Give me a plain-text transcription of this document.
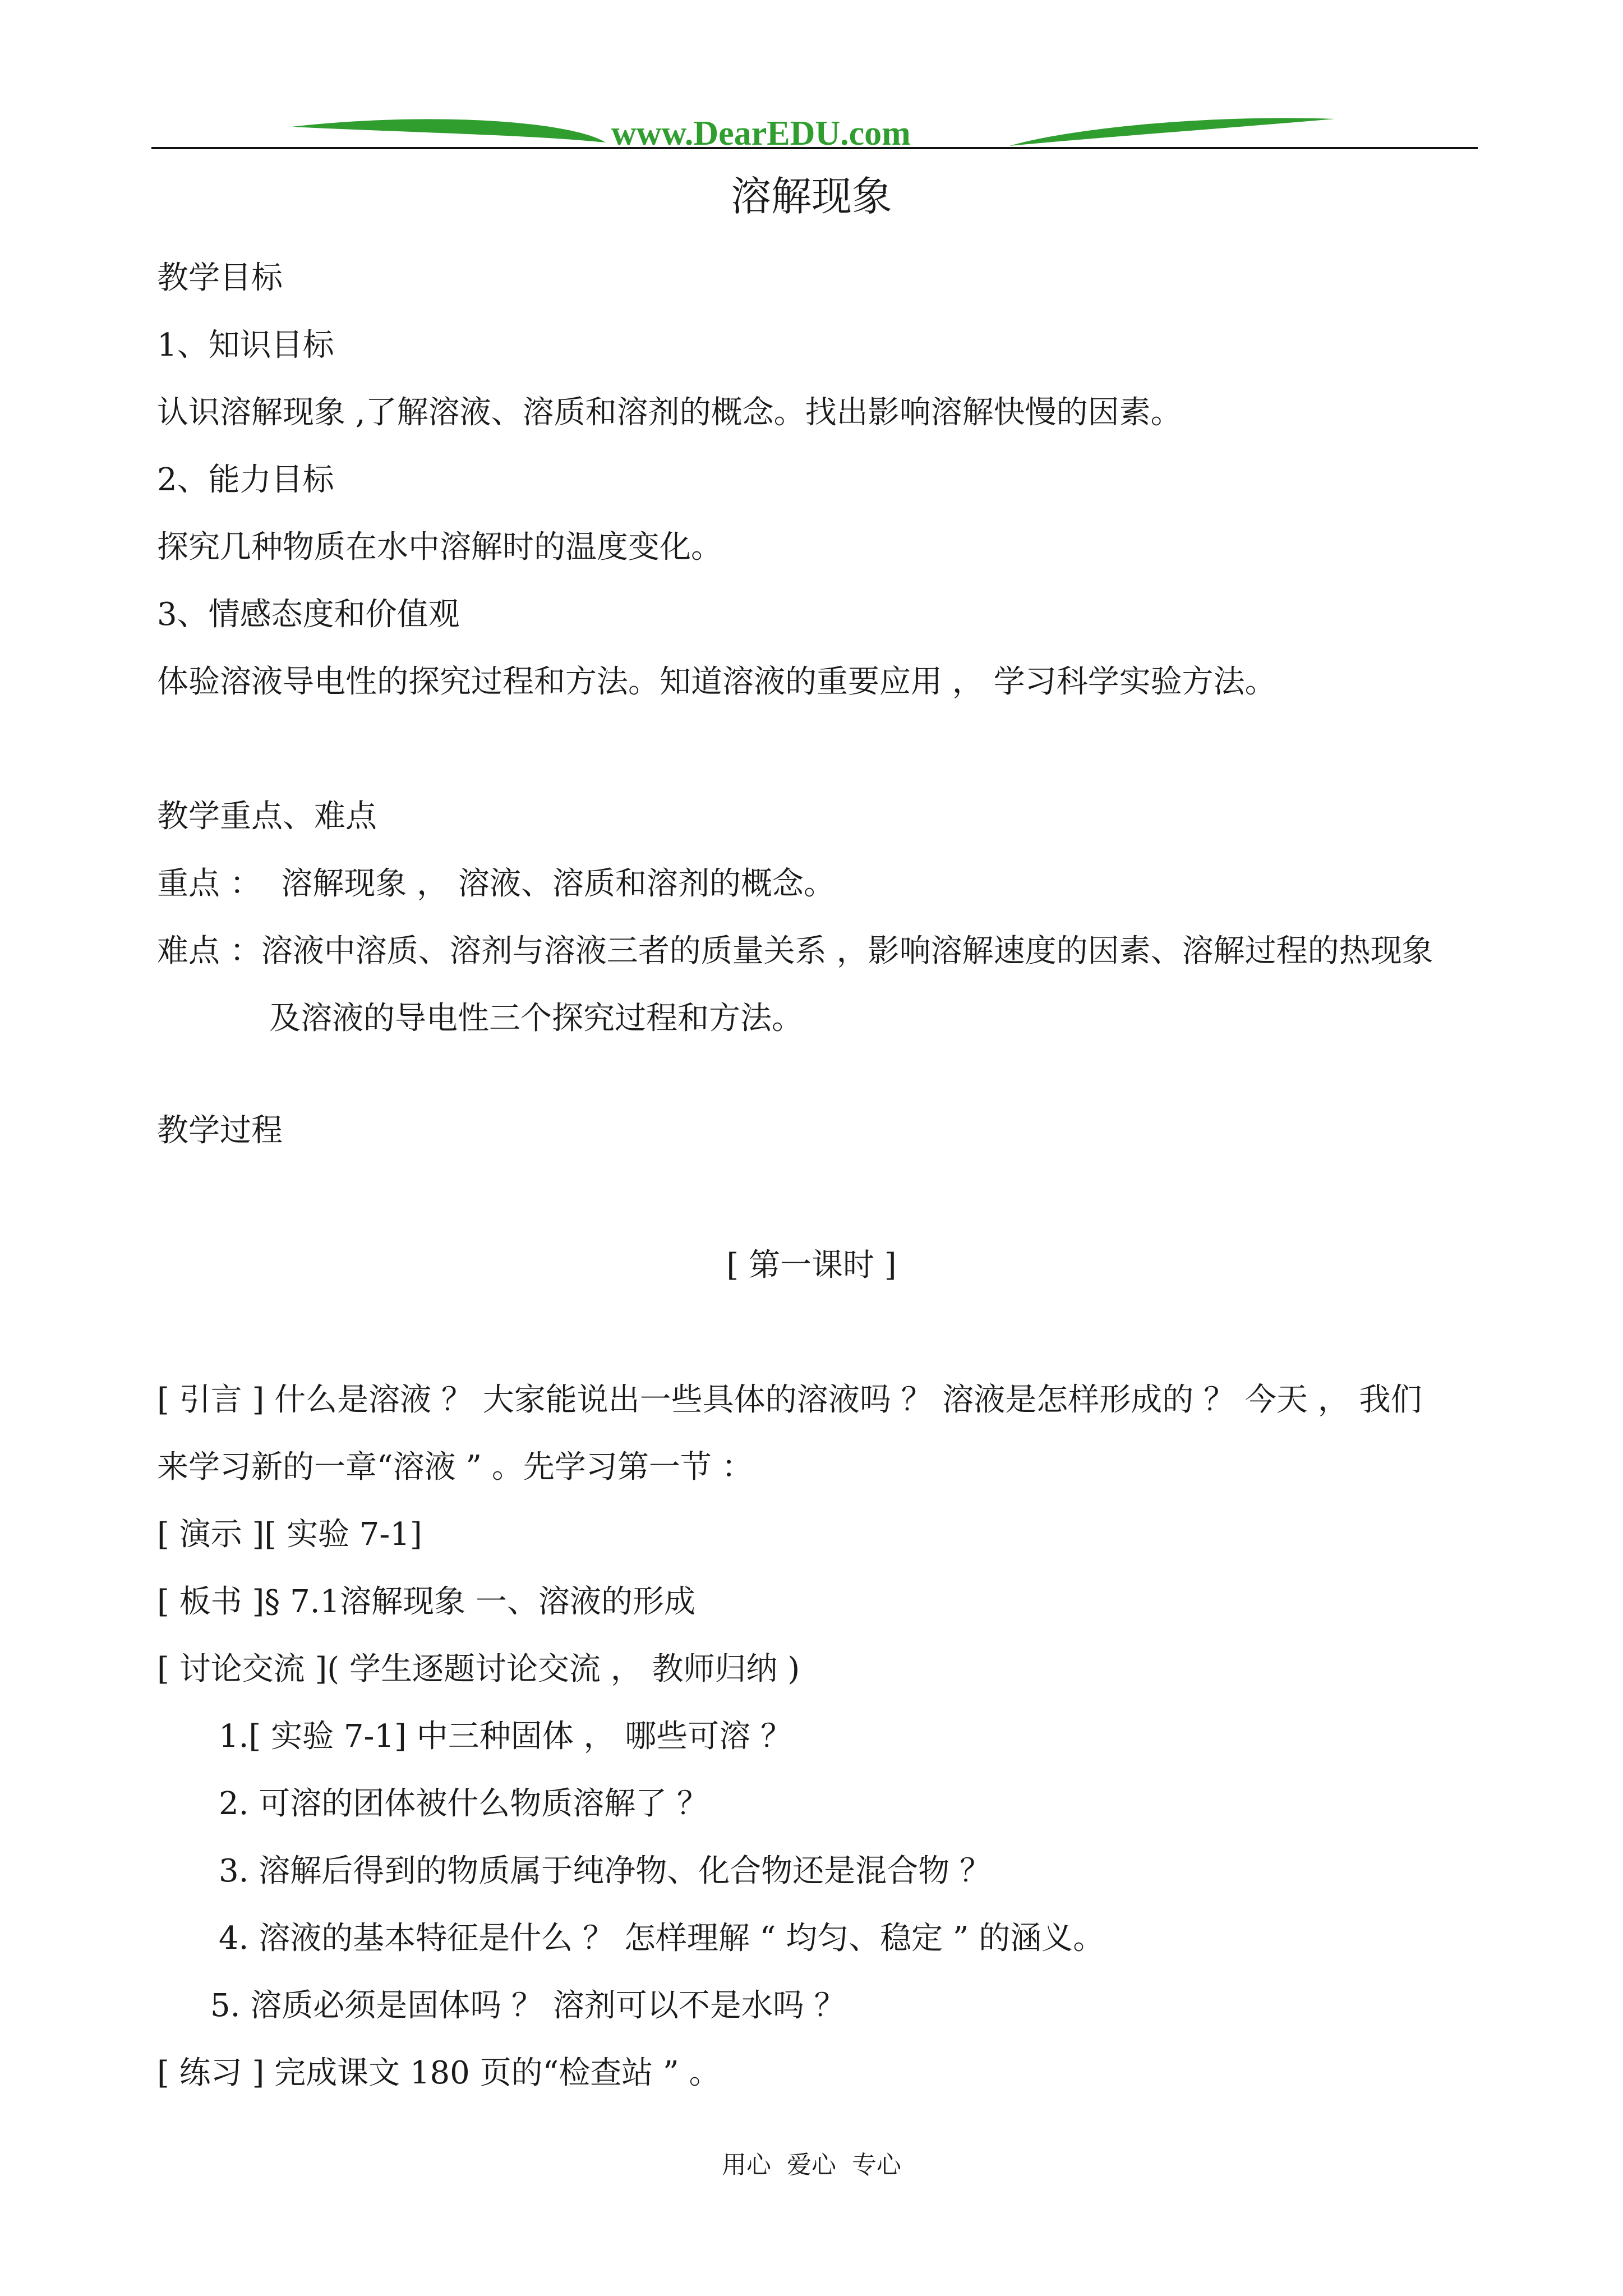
www.DearEDU.com
溶解现象
教学目标
1、知识目标
认识溶解现象 ,了解溶液、溶质和溶剂的概念。找出影响溶解快慢的因素。
2、能力目标
探究几种物质在水中溶解时的温度变化。
3、情感态度和价值观
体验溶液导电性的探究过程和方法。知道溶液的重要应用 ， 学习科学实验方法。
教学重点、难点
重点 ：  溶解现象 ， 溶液、溶质和溶剂的概念。
难点 ：溶液中溶质、溶剂与溶液三者的质量关系 ，影响溶解速度的因素、溶解过程的热现象
及溶液的导电性三个探究过程和方法。
教学过程
[ 第一课时 ]
[ 引言 ] 什么是溶液 ？ 大家能说出一些具体的溶液吗 ？ 溶液是怎样形成的 ？ 今天 ， 我们
来学习新的一章“溶液 ” 。先学习第一节 ：
[ 演示 ][ 实验 7-1]
[ 板书 ]§ 7.1溶解现象 一、溶液的形成
[ 讨论交流 ]( 学生逐题讨论交流 ， 教师归纳 )
1.[ 实验 7-1] 中三种固体 ， 哪些可溶 ？
2. 可溶的团体被什么物质溶解了 ？
3. 溶解后得到的物质属于纯净物、化合物还是混合物 ？
4. 溶液的基本特征是什么 ？ 怎样理解 “ 均匀、稳定 ” 的涵义。
5. 溶质必须是固体吗 ？ 溶剂可以不是水吗 ？
[ 练习 ] 完成课文 180 页的“检查站 ” 。
用心  爱心  专心
